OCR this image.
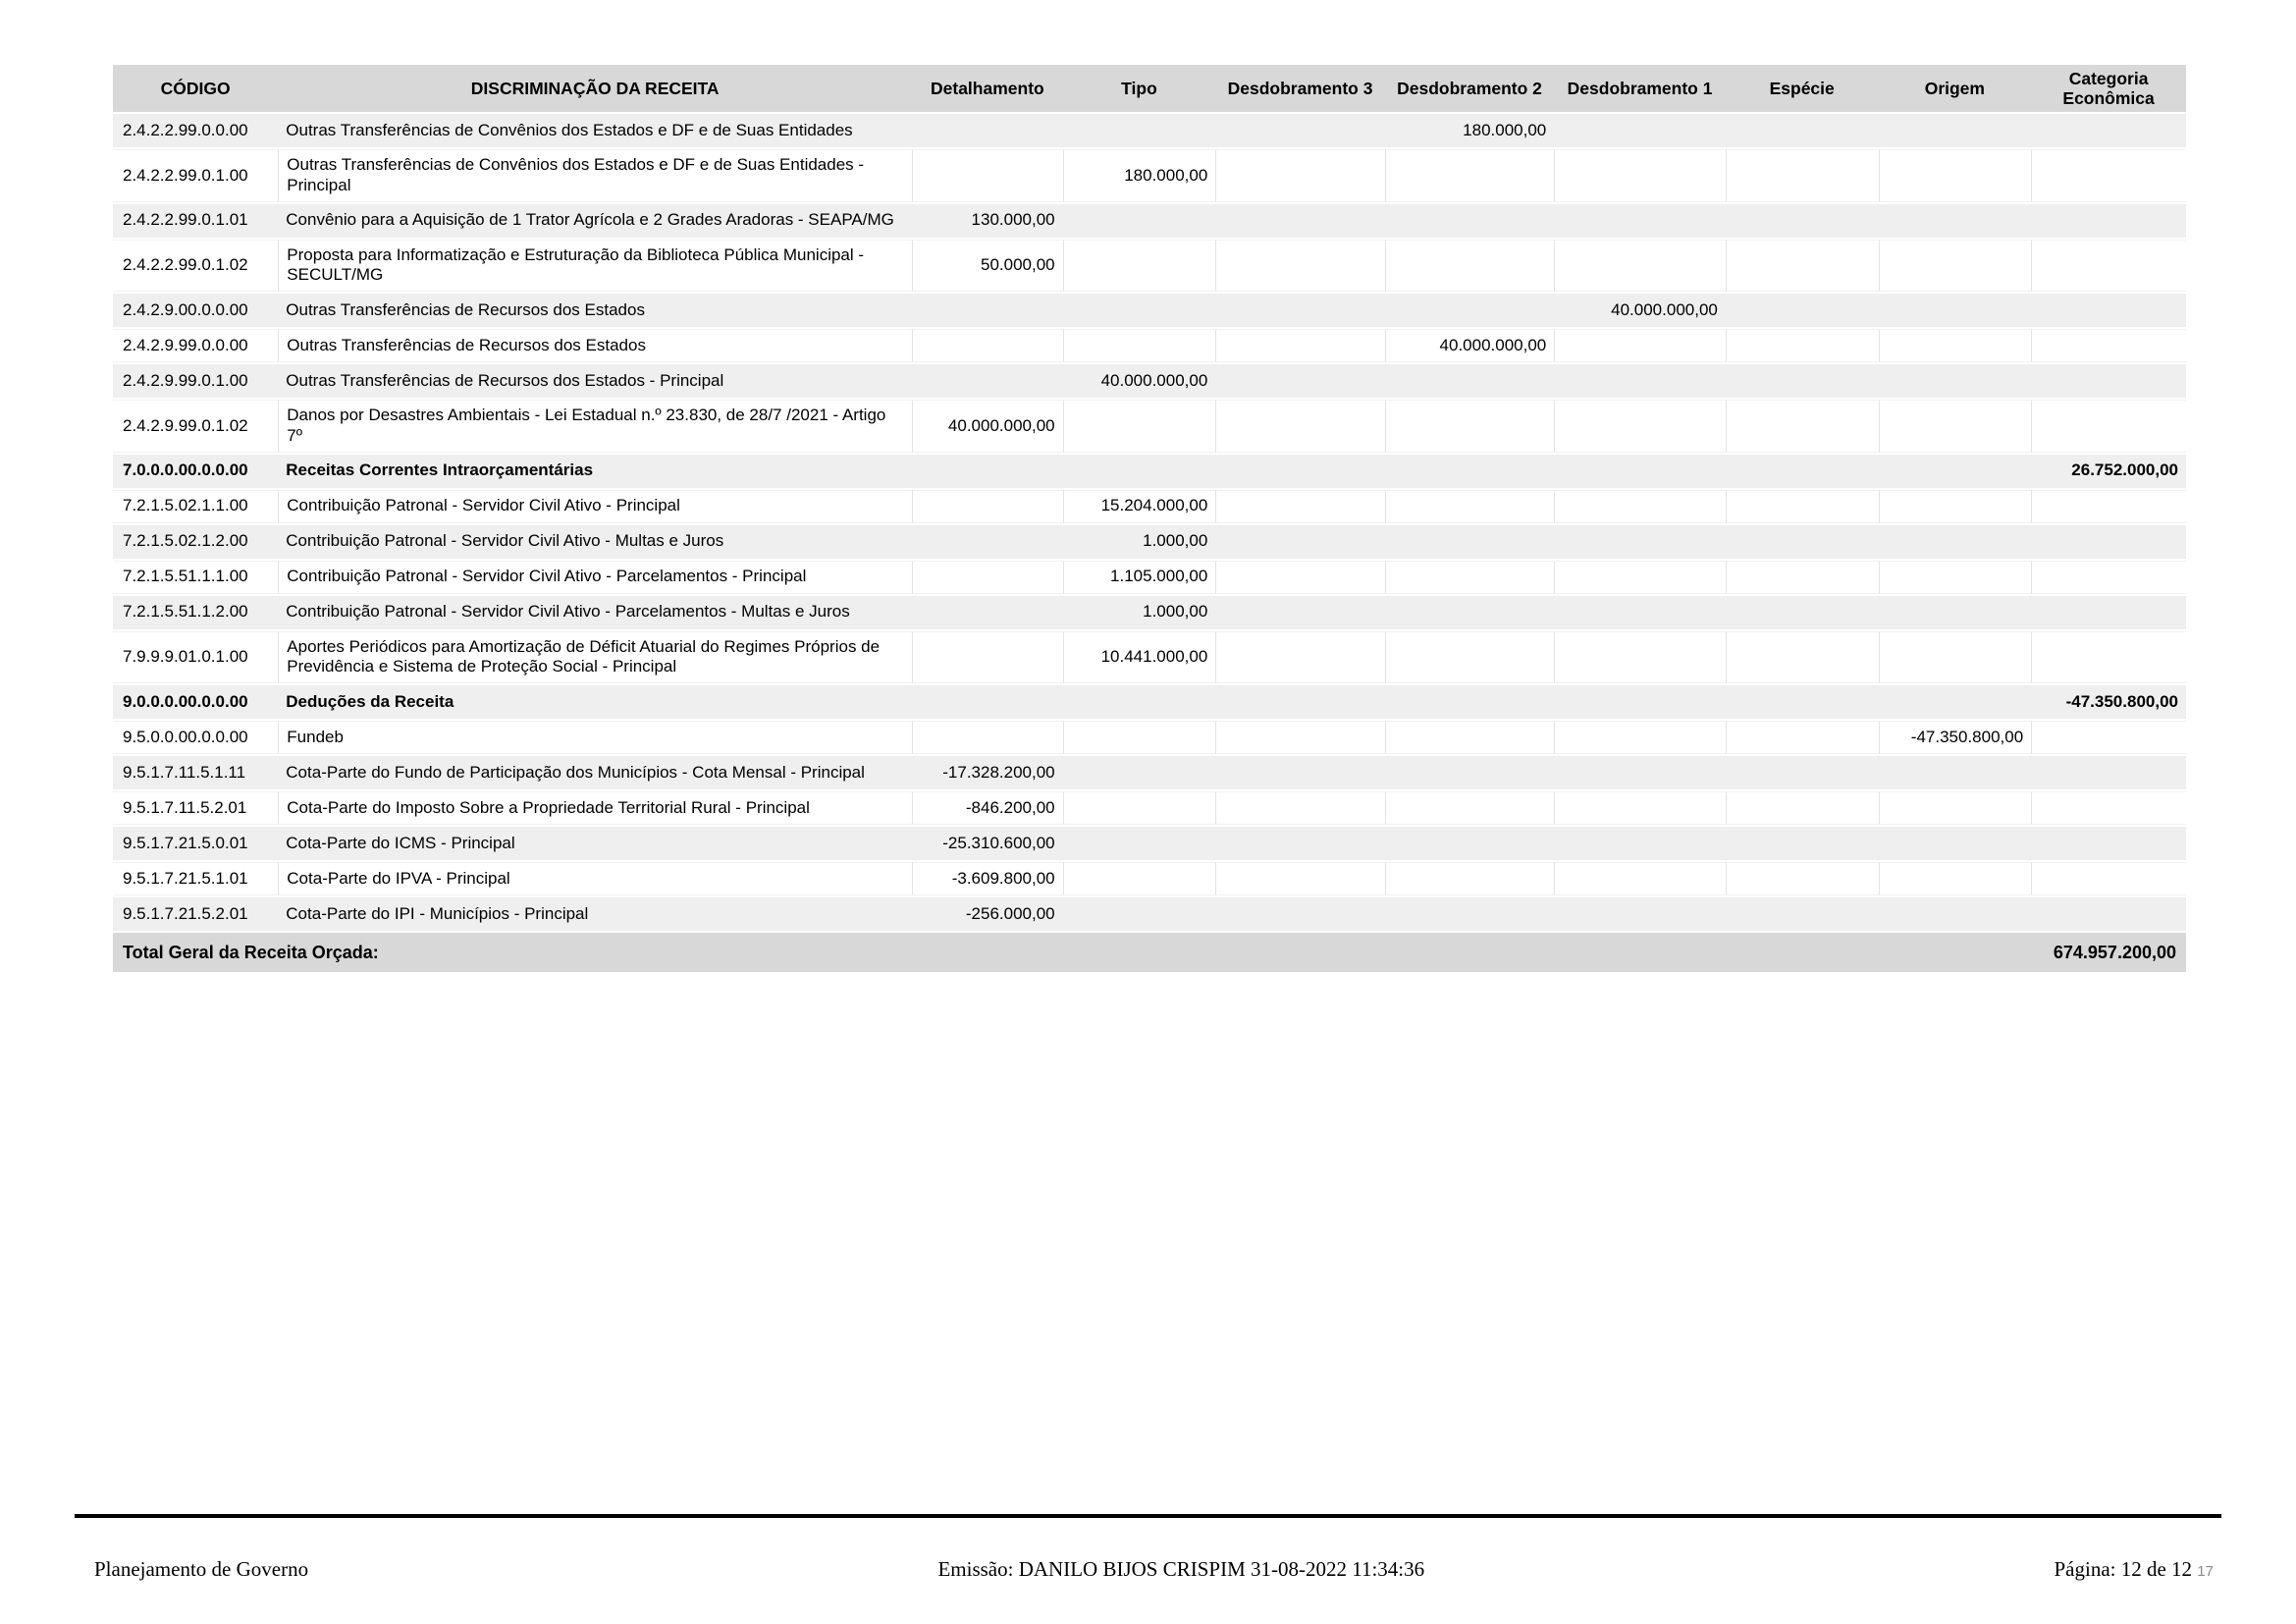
CÓDIGO	DISCRIMINAÇÃO DA RECEITA	Detalhamento	Tipo	Desdobramento 3	Desdobramento 2	Desdobramento 1	Espécie	Origem	Categoria Econômica
2.4.2.2.99.0.0.00	Outras Transferências de Convênios dos Estados e DF e de Suas Entidades				180.000,00				
2.4.2.2.99.0.1.00	Outras Transferências de Convênios dos Estados e DF e de Suas Entidades - Principal		180.000,00						
2.4.2.2.99.0.1.01	Convênio para a Aquisição de 1 Trator Agrícola e 2 Grades Aradoras - SEAPA/MG	130.000,00							
2.4.2.2.99.0.1.02	Proposta para Informatização e Estruturação da Biblioteca Pública Municipal - SECULT/MG	50.000,00							
2.4.2.9.00.0.0.00	Outras Transferências de Recursos dos Estados					40.000.000,00			
2.4.2.9.99.0.0.00	Outras Transferências de Recursos dos Estados				40.000.000,00				
2.4.2.9.99.0.1.00	Outras Transferências de Recursos dos Estados - Principal		40.000.000,00						
2.4.2.9.99.0.1.02	Danos por Desastres Ambientais - Lei Estadual n.º 23.830, de 28/7 /2021 - Artigo 7º	40.000.000,00							
7.0.0.0.00.0.0.00	Receitas Correntes Intraorçamentárias								26.752.000,00
7.2.1.5.02.1.1.00	Contribuição Patronal - Servidor Civil Ativo - Principal		15.204.000,00						
7.2.1.5.02.1.2.00	Contribuição Patronal - Servidor Civil Ativo - Multas e Juros		1.000,00						
7.2.1.5.51.1.1.00	Contribuição Patronal - Servidor Civil Ativo - Parcelamentos - Principal		1.105.000,00						
7.2.1.5.51.1.2.00	Contribuição Patronal - Servidor Civil Ativo - Parcelamentos - Multas e Juros		1.000,00						
7.9.9.9.01.0.1.00	Aportes Periódicos para Amortização de Déficit Atuarial do Regimes Próprios de Previdência e Sistema de Proteção Social - Principal		10.441.000,00						
9.0.0.0.00.0.0.00	Deduções da Receita								-47.350.800,00
9.5.0.0.00.0.0.00	Fundeb							-47.350.800,00	
9.5.1.7.11.5.1.11	Cota-Parte do Fundo de Participação dos Municípios - Cota Mensal - Principal	-17.328.200,00							
9.5.1.7.11.5.2.01	Cota-Parte do Imposto Sobre a Propriedade Territorial Rural - Principal	-846.200,00							
9.5.1.7.21.5.0.01	Cota-Parte do ICMS - Principal	-25.310.600,00							
9.5.1.7.21.5.1.01	Cota-Parte do IPVA - Principal	-3.609.800,00							
9.5.1.7.21.5.2.01	Cota-Parte do IPI - Municípios - Principal	-256.000,00							
Total Geral da Receita Orçada:									674.957.200,00
Planejamento de Governo	Emissão: DANILO BIJOS CRISPIM 31-08-2022 11:34:36	Página: 12 de 12 17
